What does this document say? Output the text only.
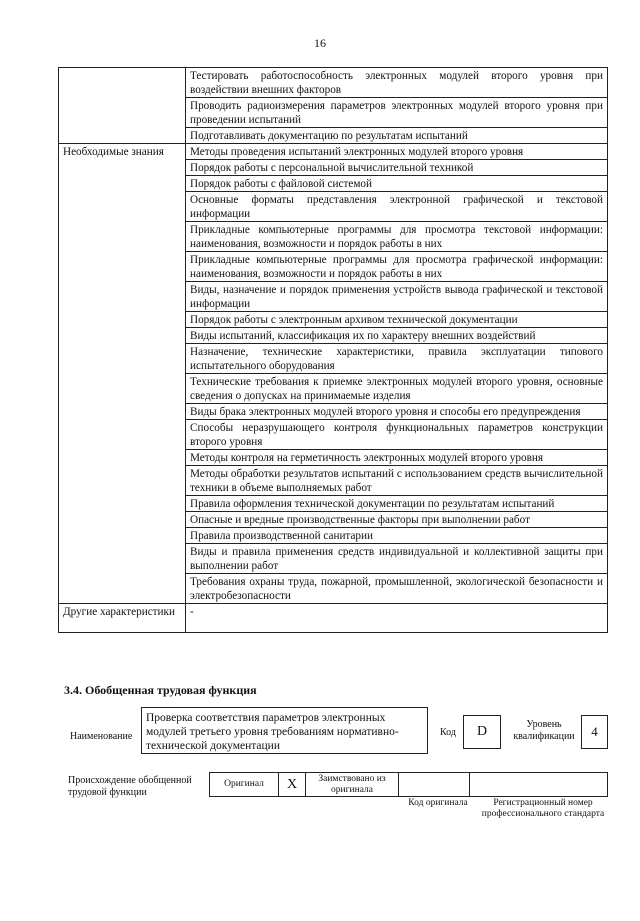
16
	Тестировать работоспособность электронных модулей второго уровня при воздействии внешних факторов
	Проводить радиоизмерения параметров электронных модулей второго уровня при проведении испытаний
	Подготавливать документацию по результатам испытаний
Необходимые знания	Методы проведения испытаний электронных модулей второго уровня
	Порядок работы с персональной вычислительной техникой
	Порядок работы с файловой системой
	Основные форматы представления электронной графической и текстовой информации
	Прикладные компьютерные программы для просмотра текстовой информации: наименования, возможности и порядок работы в них
	Прикладные компьютерные программы для просмотра графической информации: наименования, возможности и порядок работы в них
	Виды, назначение и порядок применения устройств вывода графической и текстовой информации
	Порядок работы с электронным архивом технической документации
	Виды испытаний, классификация их по характеру внешних воздействий
	Назначение, технические характеристики, правила эксплуатации типового испытательного оборудования
	Технические требования к приемке электронных модулей второго уровня, основные сведения о допусках на принимаемые изделия
	Виды брака электронных модулей второго уровня и способы его предупреждения
	Способы неразрушающего контроля функциональных параметров конструкции второго уровня
	Методы контроля на герметичность электронных модулей второго уровня
	Методы обработки результатов испытаний с использованием средств вычислительной техники в объеме выполняемых работ
	Правила оформления технической документации по результатам испытаний
	Опасные и вредные производственные факторы при выполнении работ
	Правила производственной санитарии
	Виды и правила применения средств индивидуальной и коллективной защиты при выполнении работ
	Требования охраны труда, пожарной, промышленной, экологической безопасности и электробезопасности
Другие характеристики	-
3.4. Обобщенная трудовая функция
Наименование
Проверка соответствия параметров электронных модулей третьего уровня требованиям нормативно-технической документации
Код	D	Уровень квалификации	4
Происхождение обобщенной трудовой функции
Оригинал	X	Заимствовано из оригинала		
Код оригинала	Регистрационный номер профессионального стандарта
